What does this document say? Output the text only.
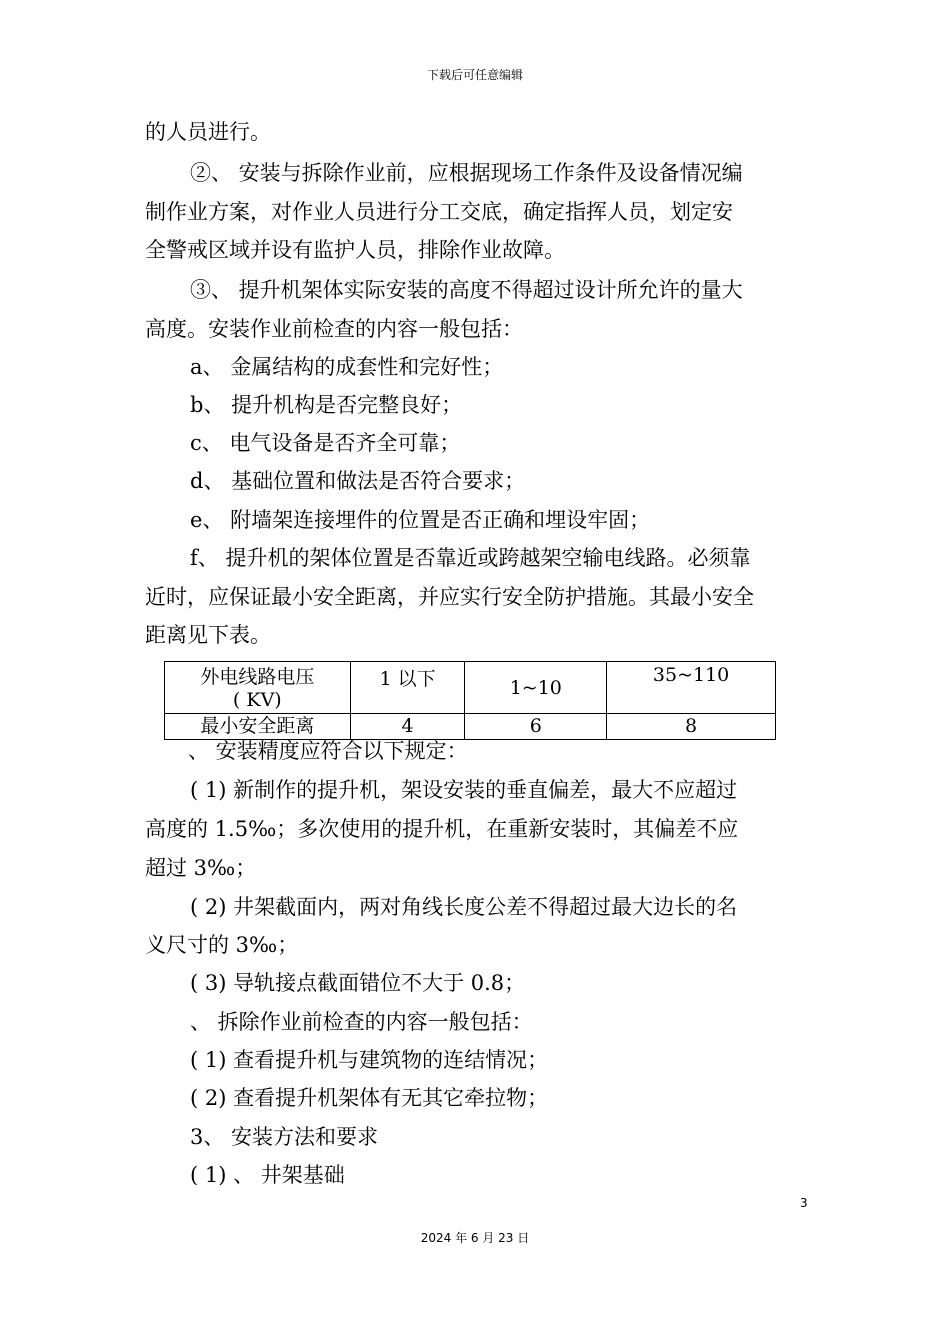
下载后可任意编辑
的人员进行。
②、 安装与拆除作业前，应根据现场工作条件及设备情况编
制作业方案，对作业人员进行分工交底，确定指挥人员，划定安
全警戒区域并设有监护人员，排除作业故障。
③、 提升机架体实际安装的高度不得超过设计所允许的量大
高度。安装作业前检查的内容一般包括：
a、 金属结构的成套性和完好性；
b、 提升机构是否完整良好；
c、 电气设备是否齐全可靠；
d、 基础位置和做法是否符合要求；
e、 附墙架连接埋件的位置是否正确和埋设牢固；
f、 提升机的架体位置是否靠近或跨越架空输电线路。必须靠
近时，应保证最小安全距离，并应实行安全防护措施。其最小安全
距离见下表。
外电线路电压
( KV)	1 以下	1~10	35~110
最小安全距离	4	6	8
、 安装精度应符合以下规定：
( 1) 新制作的提升机，架设安装的垂直偏差，最大不应超过
高度的 1.5‰；多次使用的提升机，在重新安装时，其偏差不应
超过 3‰；
( 2) 井架截面内，两对角线长度公差不得超过最大边长的名
义尺寸的 3‰；
( 3) 导轨接点截面错位不大于 0.8；
、 拆除作业前检查的内容一般包括：
( 1) 查看提升机与建筑物的连结情况；
( 2) 查看提升机架体有无其它牵拉物；
3、 安装方法和要求
( 1) 、 井架基础
3
2024 年 6 月 23 日
